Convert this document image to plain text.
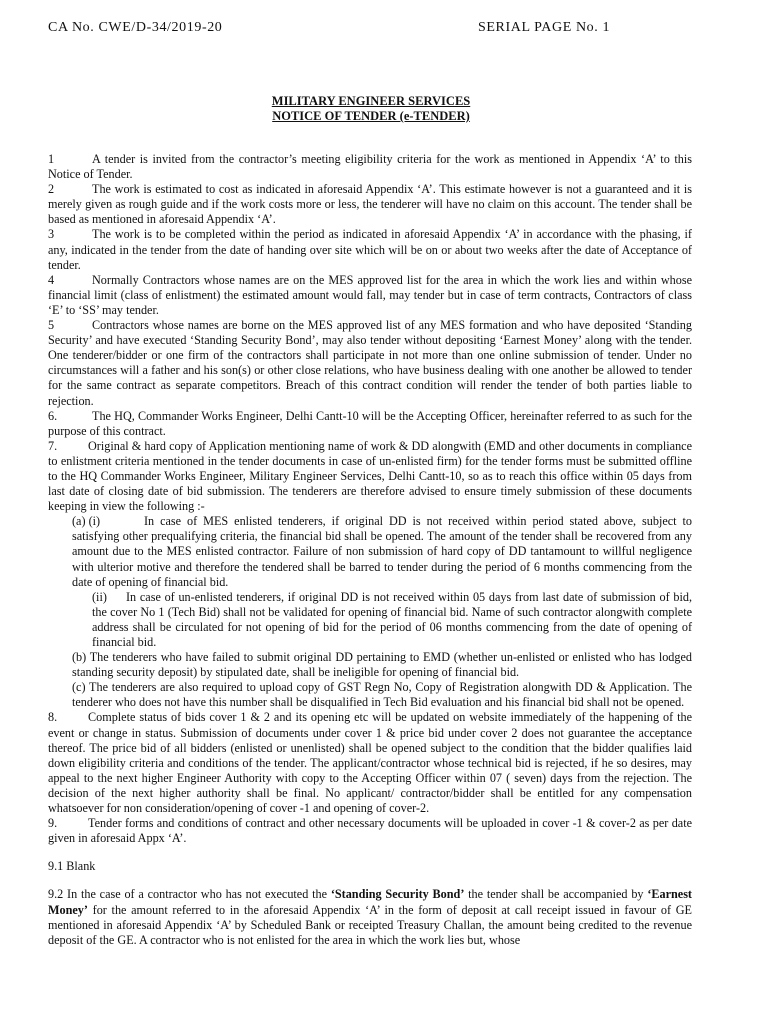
CA No. CWE/D-34/2019-20	SERIAL PAGE No. 1
MILITARY ENGINEER SERVICES
NOTICE OF TENDER (e-TENDER)

1	A tender is invited from the contractor’s meeting eligibility criteria for the work as mentioned in Appendix ‘A’ to this Notice of Tender.

2	The work is estimated to cost as indicated in aforesaid Appendix ‘A’. This estimate however is not a guaranteed and it is merely given as rough guide and if the work costs more or less, the tenderer will have no claim on this account. The tender shall be based as mentioned in aforesaid Appendix ‘A’.

3	The work is to be completed within the period as indicated in aforesaid Appendix ‘A’ in accordance with the phasing, if any, indicated in the tender from the date of handing over site which will be on or about two weeks after the date of Acceptance of tender.

4	Normally Contractors whose names are on the MES approved list for the area in which the work lies and within whose financial limit (class of enlistment) the estimated amount would fall, may tender but in case of term contracts, Contractors of class ‘E’ to ‘SS’ may tender.

5	Contractors whose names are borne on the MES approved list of any MES formation and who have deposited ‘Standing Security’ and have executed ‘Standing Security Bond’, may also tender without depositing ‘Earnest Money’ along with the tender. One tenderer/bidder or one firm of the contractors shall participate in not more than one online submission of tender. Under no circumstances will a father and his son(s) or other close relations, who have business dealing with one another be allowed to tender for the same contract as separate competitors. Breach of this contract condition will render the tender of both parties liable to rejection.

6.	The HQ, Commander Works Engineer, Delhi Cantt-10 will be the Accepting Officer, hereinafter referred to as such for the purpose of this contract.

7.	Original & hard copy of Application mentioning name of work & DD alongwith (EMD and other documents in compliance to enlistment criteria mentioned in the tender documents in case of un-enlisted firm) for the tender forms must be submitted offline to the HQ Commander Works Engineer, Military Engineer Services, Delhi Cantt-10, so as to reach this office within 05 days from last date of closing date of bid submission. The tenderers are therefore advised to ensure timely submission of these documents keeping in view the following :-

(a) (i)	In case of MES enlisted tenderers, if original DD is not received within period stated above, subject to satisfying other prequalifying criteria, the financial bid shall be opened. The amount of the tender shall be recovered from any amount due to the MES enlisted contractor. Failure of non submission of hard copy of DD tantamount to willful negligence with ulterior motive and therefore the tendered shall be barred to tender during the period of 6 months commencing from the date of opening of financial bid.

(ii) In case of un-enlisted tenderers, if original DD is not received within 05 days from last date of submission of bid, the cover No 1 (Tech Bid) shall not be validated for opening of financial bid. Name of such contractor alongwith complete address shall be circulated for not opening of bid for the period of 06 months commencing from the date of opening of financial bid.

(b) The tenderers who have failed to submit original DD pertaining to EMD (whether un-enlisted or enlisted who has lodged standing security deposit) by stipulated date, shall be ineligible for opening of financial bid.

(c) The tenderers are also required to upload copy of GST Regn No, Copy of Registration alongwith DD & Application. The tenderer who does not have this number shall be disqualified in Tech Bid evaluation and his financial bid shall not be opened.

8.	Complete status of bids cover 1 & 2 and its opening etc will be updated on website immediately of the happening of the event or change in status. Submission of documents under cover 1 & price bid under cover 2 does not guarantee the acceptance thereof. The price bid of all bidders (enlisted or unenlisted) shall be opened subject to the condition that the bidder qualifies laid down eligibility criteria and conditions of the tender. The applicant/contractor whose technical bid is rejected, if he so desires, may appeal to the next higher Engineer Authority with copy to the Accepting Officer within 07 ( seven) days from the rejection. The decision of the next higher authority shall be final. No applicant/ contractor/bidder shall be entitled for any compensation whatsoever for non consideration/opening of cover -1 and opening of cover-2.

9.	Tender forms and conditions of contract and other necessary documents will be uploaded in cover -1 & cover-2 as per date given in aforesaid Appx ‘A’.

9.1 Blank

9.2 In the case of a contractor who has not executed the ‘Standing Security Bond’ the tender shall be accompanied by ‘Earnest Money’ for the amount referred to in the aforesaid Appendix ‘A’ in the form of deposit at call receipt issued in favour of GE mentioned in aforesaid Appendix ‘A’ by Scheduled Bank or receipted Treasury Challan, the amount being credited to the revenue deposit of the GE. A contractor who is not enlisted for the area in which the work lies but, whose
